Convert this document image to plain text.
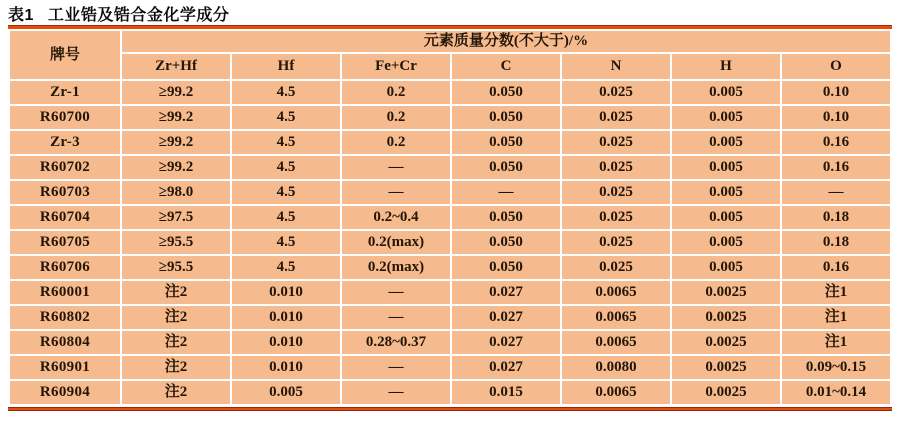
表1 工业锆及锆合金化学成分
牌号	元素质量分数(不大于)/%						
	Zr+Hf	Hf	Fe+Cr	C	N	H	O
Zr-1	≥99.2	4.5	0.2	0.050	0.025	0.005	0.10
R60700	≥99.2	4.5	0.2	0.050	0.025	0.005	0.10
Zr-3	≥99.2	4.5	0.2	0.050	0.025	0.005	0.16
R60702	≥99.2	4.5	—	0.050	0.025	0.005	0.16
R60703	≥98.0	4.5	—	—	0.025	0.005	—
R60704	≥97.5	4.5	0.2~0.4	0.050	0.025	0.005	0.18
R60705	≥95.5	4.5	0.2(max)	0.050	0.025	0.005	0.18
R60706	≥95.5	4.5	0.2(max)	0.050	0.025	0.005	0.16
R60001	注2	0.010	—	0.027	0.0065	0.0025	注1
R60802	注2	0.010	—	0.027	0.0065	0.0025	注1
R60804	注2	0.010	0.28~0.37	0.027	0.0065	0.0025	注1
R60901	注2	0.010	—	0.027	0.0080	0.0025	0.09~0.15
R60904	注2	0.005	—	0.015	0.0065	0.0025	0.01~0.14
